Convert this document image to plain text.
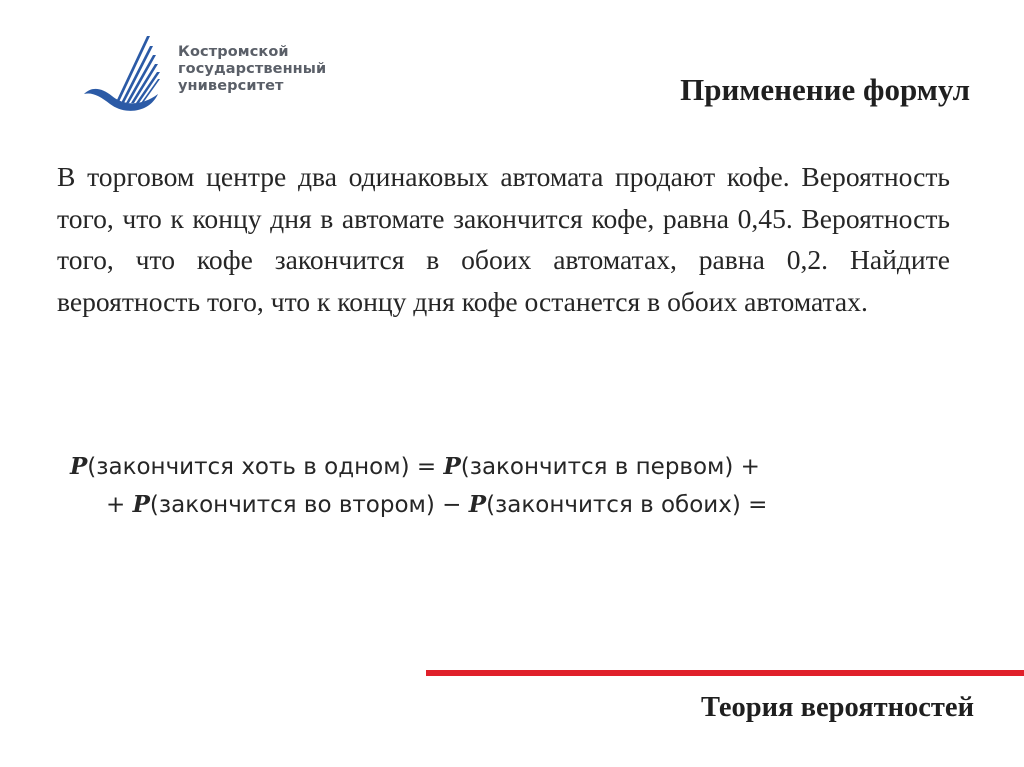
Костромской
государственный
университет	Применение формул
В торговом центре два одинаковых автомата продают кофе. Вероятность того, что к концу дня в автомате закончится кофе, равна 0,45. Вероятность того, что кофе закончится в обоих автоматах, равна 0,2. Найдите вероятность того, что к концу дня кофе останется в обоих автоматах.
P(закончится хоть в одном) = P(закончится в первом) +
+ P(закончится во втором) − P(закончится в обоих) =
Теория вероятностей
